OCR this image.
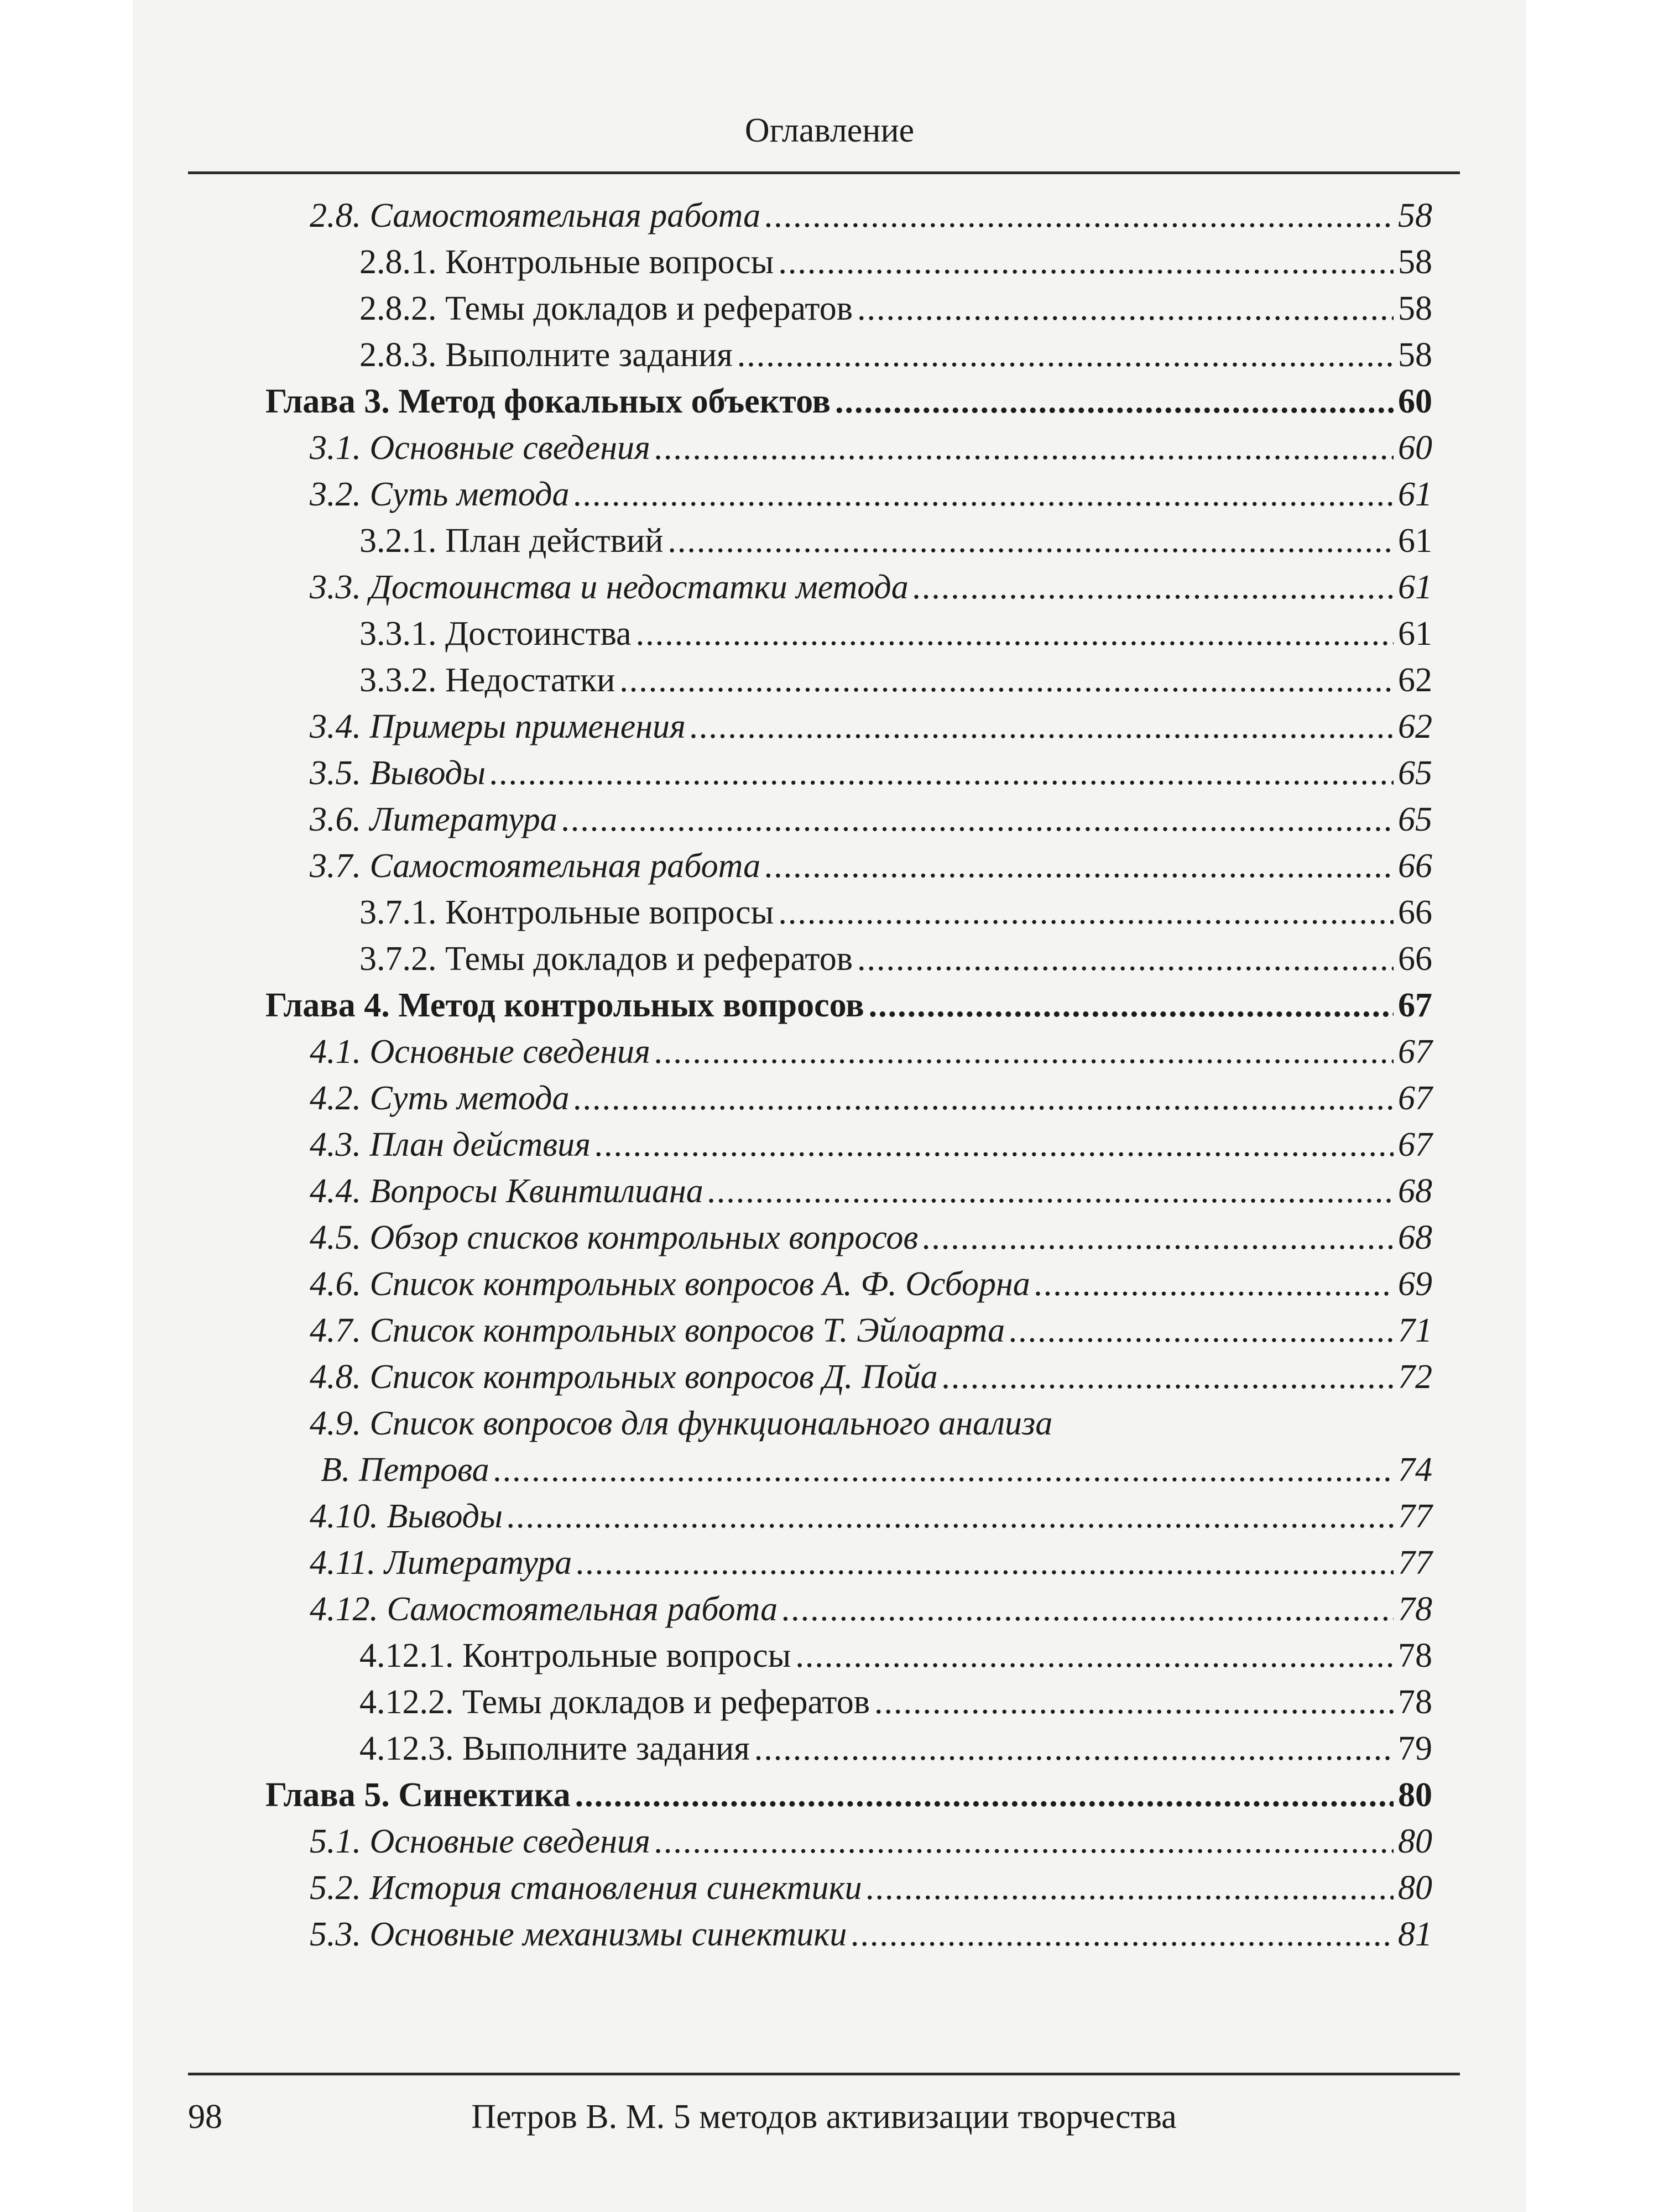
Оглавление
2.8. Самостоятельная работа .....	58
2.8.1. Контрольные вопросы .....	58
2.8.2. Темы докладов и рефератов .....	58
2.8.3. Выполните задания .....	58
Глава 3. Метод фокальных объектов .....	60
3.1. Основные сведения .....	60
3.2. Суть метода .....	61
3.2.1. План действий .....	61
3.3. Достоинства и недостатки метода .....	61
3.3.1. Достоинства .....	61
3.3.2. Недостатки .....	62
3.4. Примеры применения .....	62
3.5. Выводы .....	65
3.6. Литература .....	65
3.7. Самостоятельная работа .....	66
3.7.1. Контрольные вопросы .....	66
3.7.2. Темы докладов и рефератов .....	66
Глава 4. Метод контрольных вопросов .....	67
4.1. Основные сведения .....	67
4.2. Суть метода .....	67
4.3. План действия .....	67
4.4. Вопросы Квинтилиана .....	68
4.5. Обзор списков контрольных вопросов .....	68
4.6. Список контрольных вопросов А. Ф. Осборна .....	69
4.7. Список контрольных вопросов Т. Эйлоарта .....	71
4.8. Список контрольных вопросов Д. Пойа .....	72
4.9. Список вопросов для функционального анализа
В. Петрова .....	74
4.10. Выводы .....	77
4.11. Литература .....	77
4.12. Самостоятельная работа .....	78
4.12.1. Контрольные вопросы .....	78
4.12.2. Темы докладов и рефератов .....	78
4.12.3. Выполните задания .....	79
Глава 5. Синектика .....	80
5.1. Основные сведения .....	80
5.2. История становления синектики .....	80
5.3. Основные механизмы синектики .....	81
98	Петров В. М. 5 методов активизации творчества
